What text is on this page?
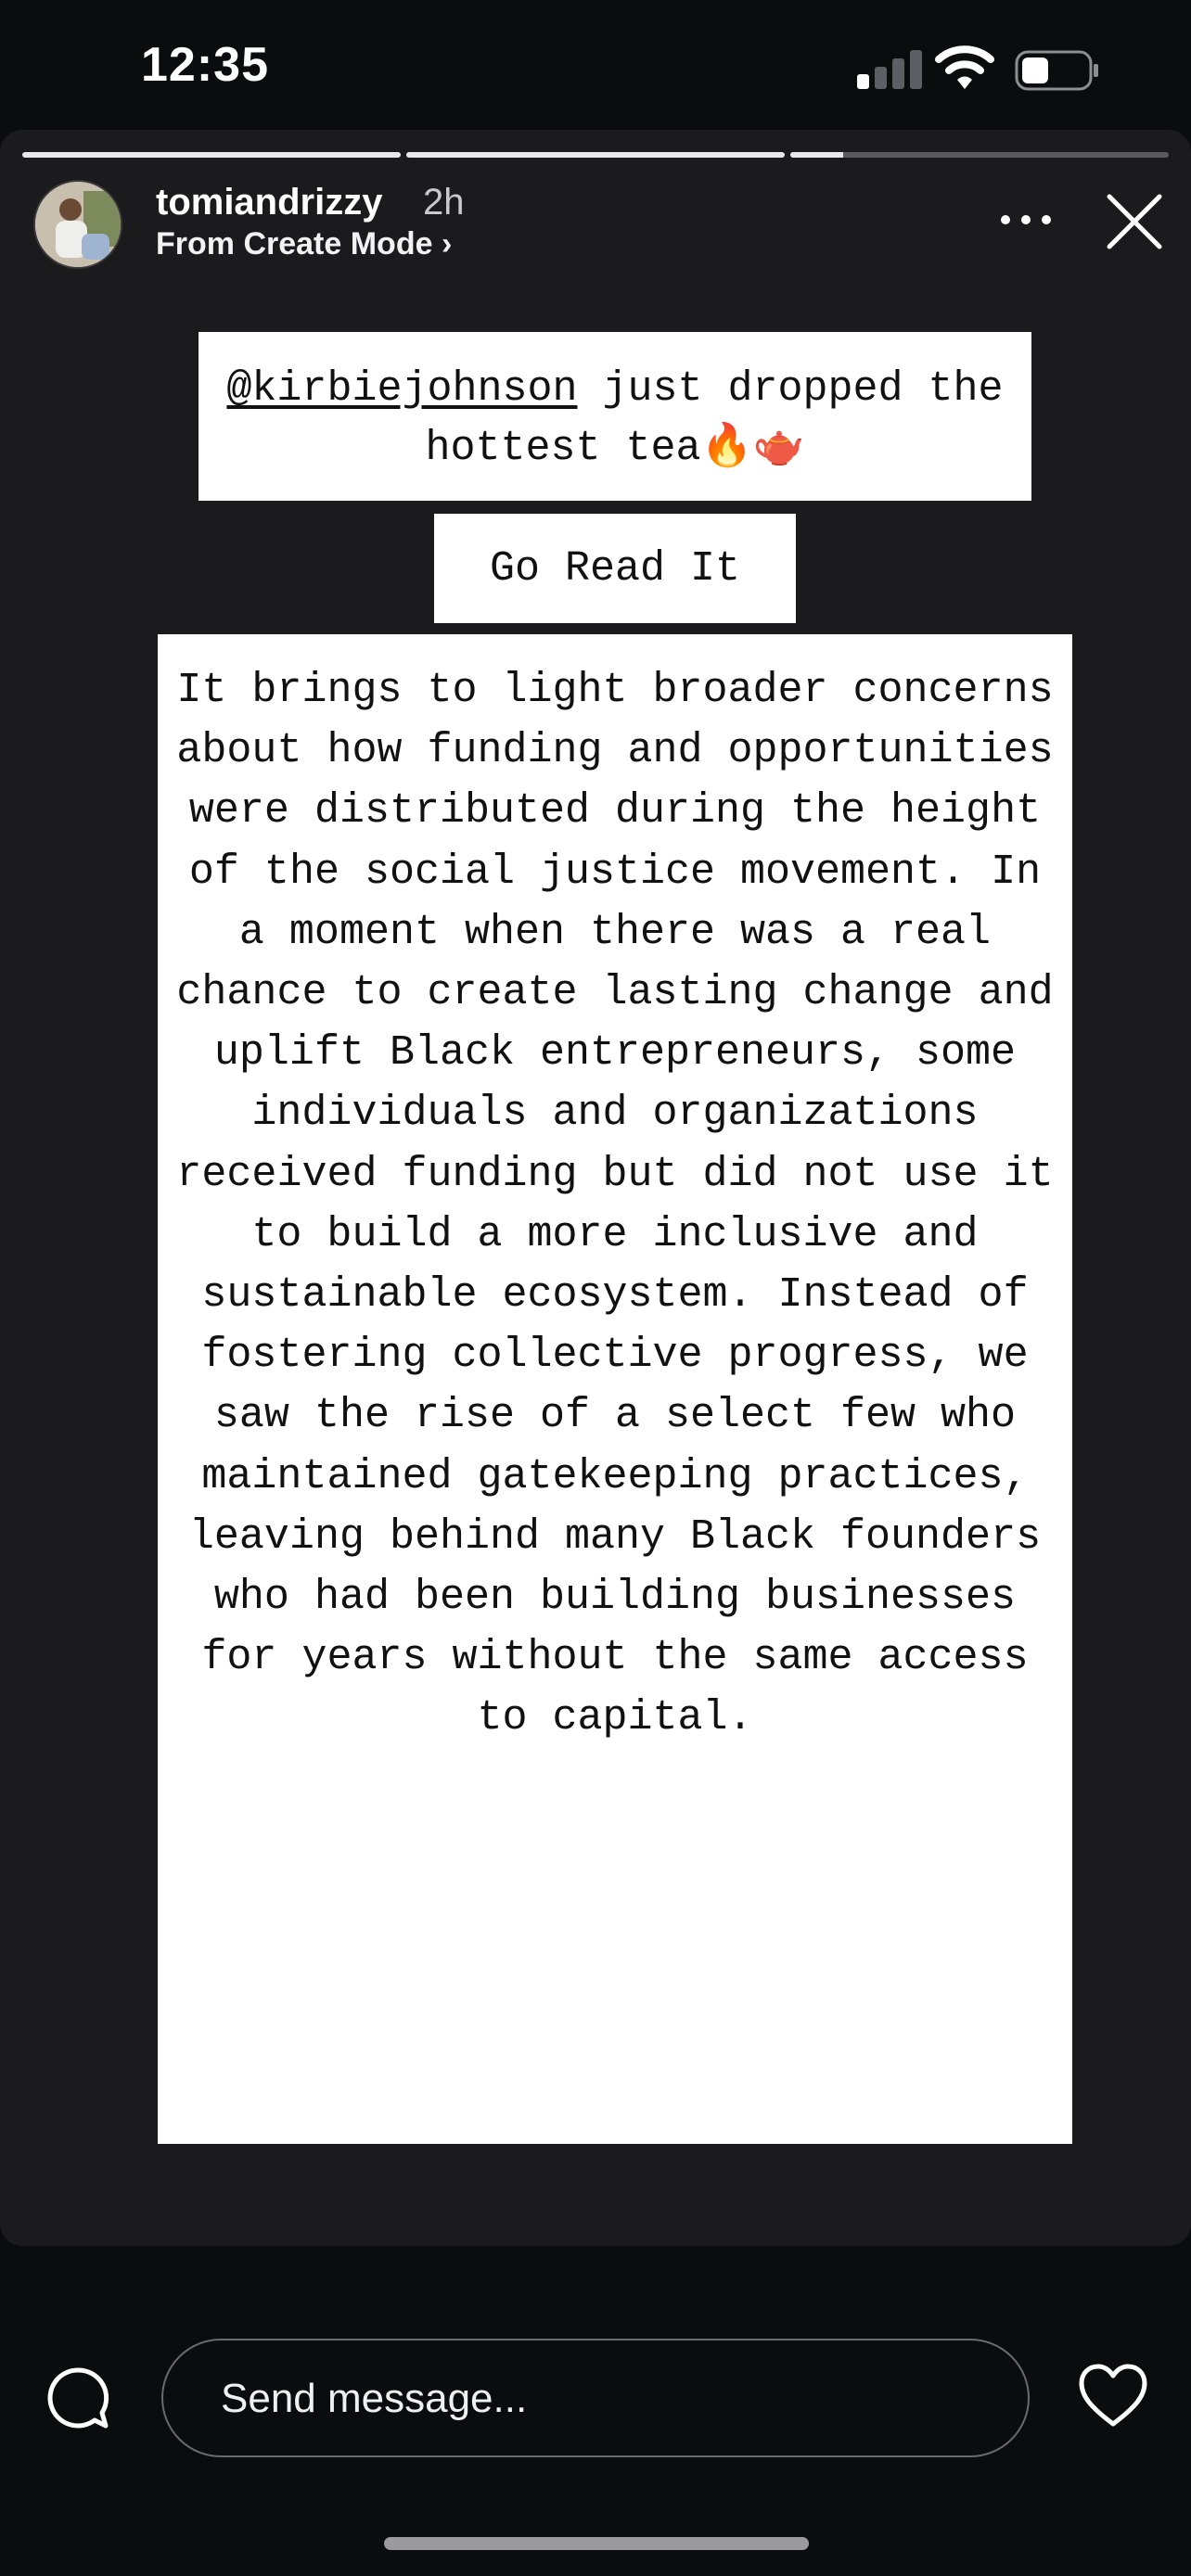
12:35
tomiandrizzy 2h
From Create Mode ›
@kirbiejohnson just dropped the hottest tea🔥🫖
Go Read It
It brings to light broader concerns about how funding and opportunities were distributed during the height of the social justice movement. In a moment when there was a real chance to create lasting change and uplift Black entrepreneurs, some individuals and organizations received funding but did not use it to build a more inclusive and sustainable ecosystem. Instead of fostering collective progress, we saw the rise of a select few who maintained gatekeeping practices, leaving behind many Black founders who had been building businesses for years without the same access to capital.
Send message...
